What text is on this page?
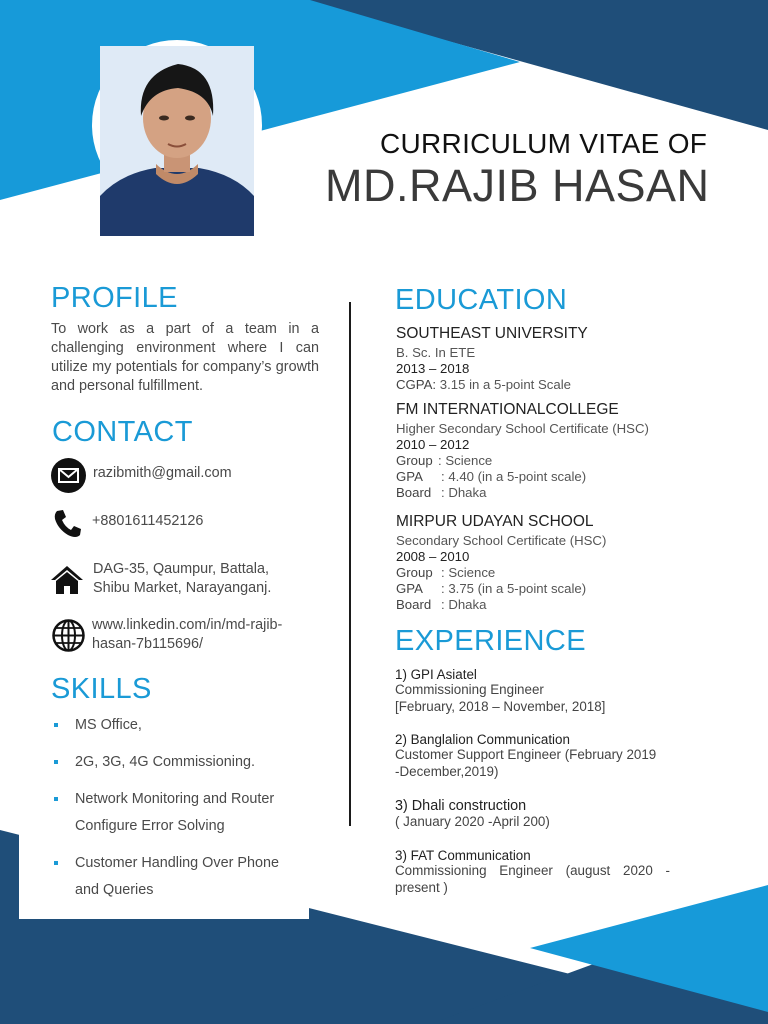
CURRICULUM VITAE OF
MD.RAJIB HASAN
PROFILE
To work as a part of a team in a challenging environment where I can utilize my potentials for company’s growth and personal fulfillment.
CONTACT
razibmith@gmail.com
+8801611452126
DAG-35, Qaumpur, Battala,
Shibu Market, Narayanganj.
www.linkedin.com/in/md-rajib-
hasan-7b115696/
SKILLS
MS Office,
2G, 3G, 4G Commissioning.
Network Monitoring and Router Configure Error Solving
Customer Handling Over Phone and Queries
EDUCATION
SOUTHEAST UNIVERSITY
B. Sc. In ETE
2013 – 2018
CGPA: 3.15 in a 5-point Scale
FM INTERNATIONALCOLLEGE
Higher Secondary School Certificate (HSC)
2010 – 2012
Group : Science
GPA : 4.40 (in a 5-point scale)
Board : Dhaka
MIRPUR UDAYAN SCHOOL
Secondary School Certificate (HSC)
2008 – 2010
Group : Science
GPA : 3.75 (in a 5-point scale)
Board : Dhaka
EXPERIENCE
1) GPI Asiatel
Commissioning Engineer
[February, 2018 – November, 2018]
2) Banglalion Communication
Customer Support Engineer (February 2019
-December,2019)
3) Dhali construction
( January 2020 -April 200)
3) FAT Communication
Commissioning Engineer (august 2020 - present )
